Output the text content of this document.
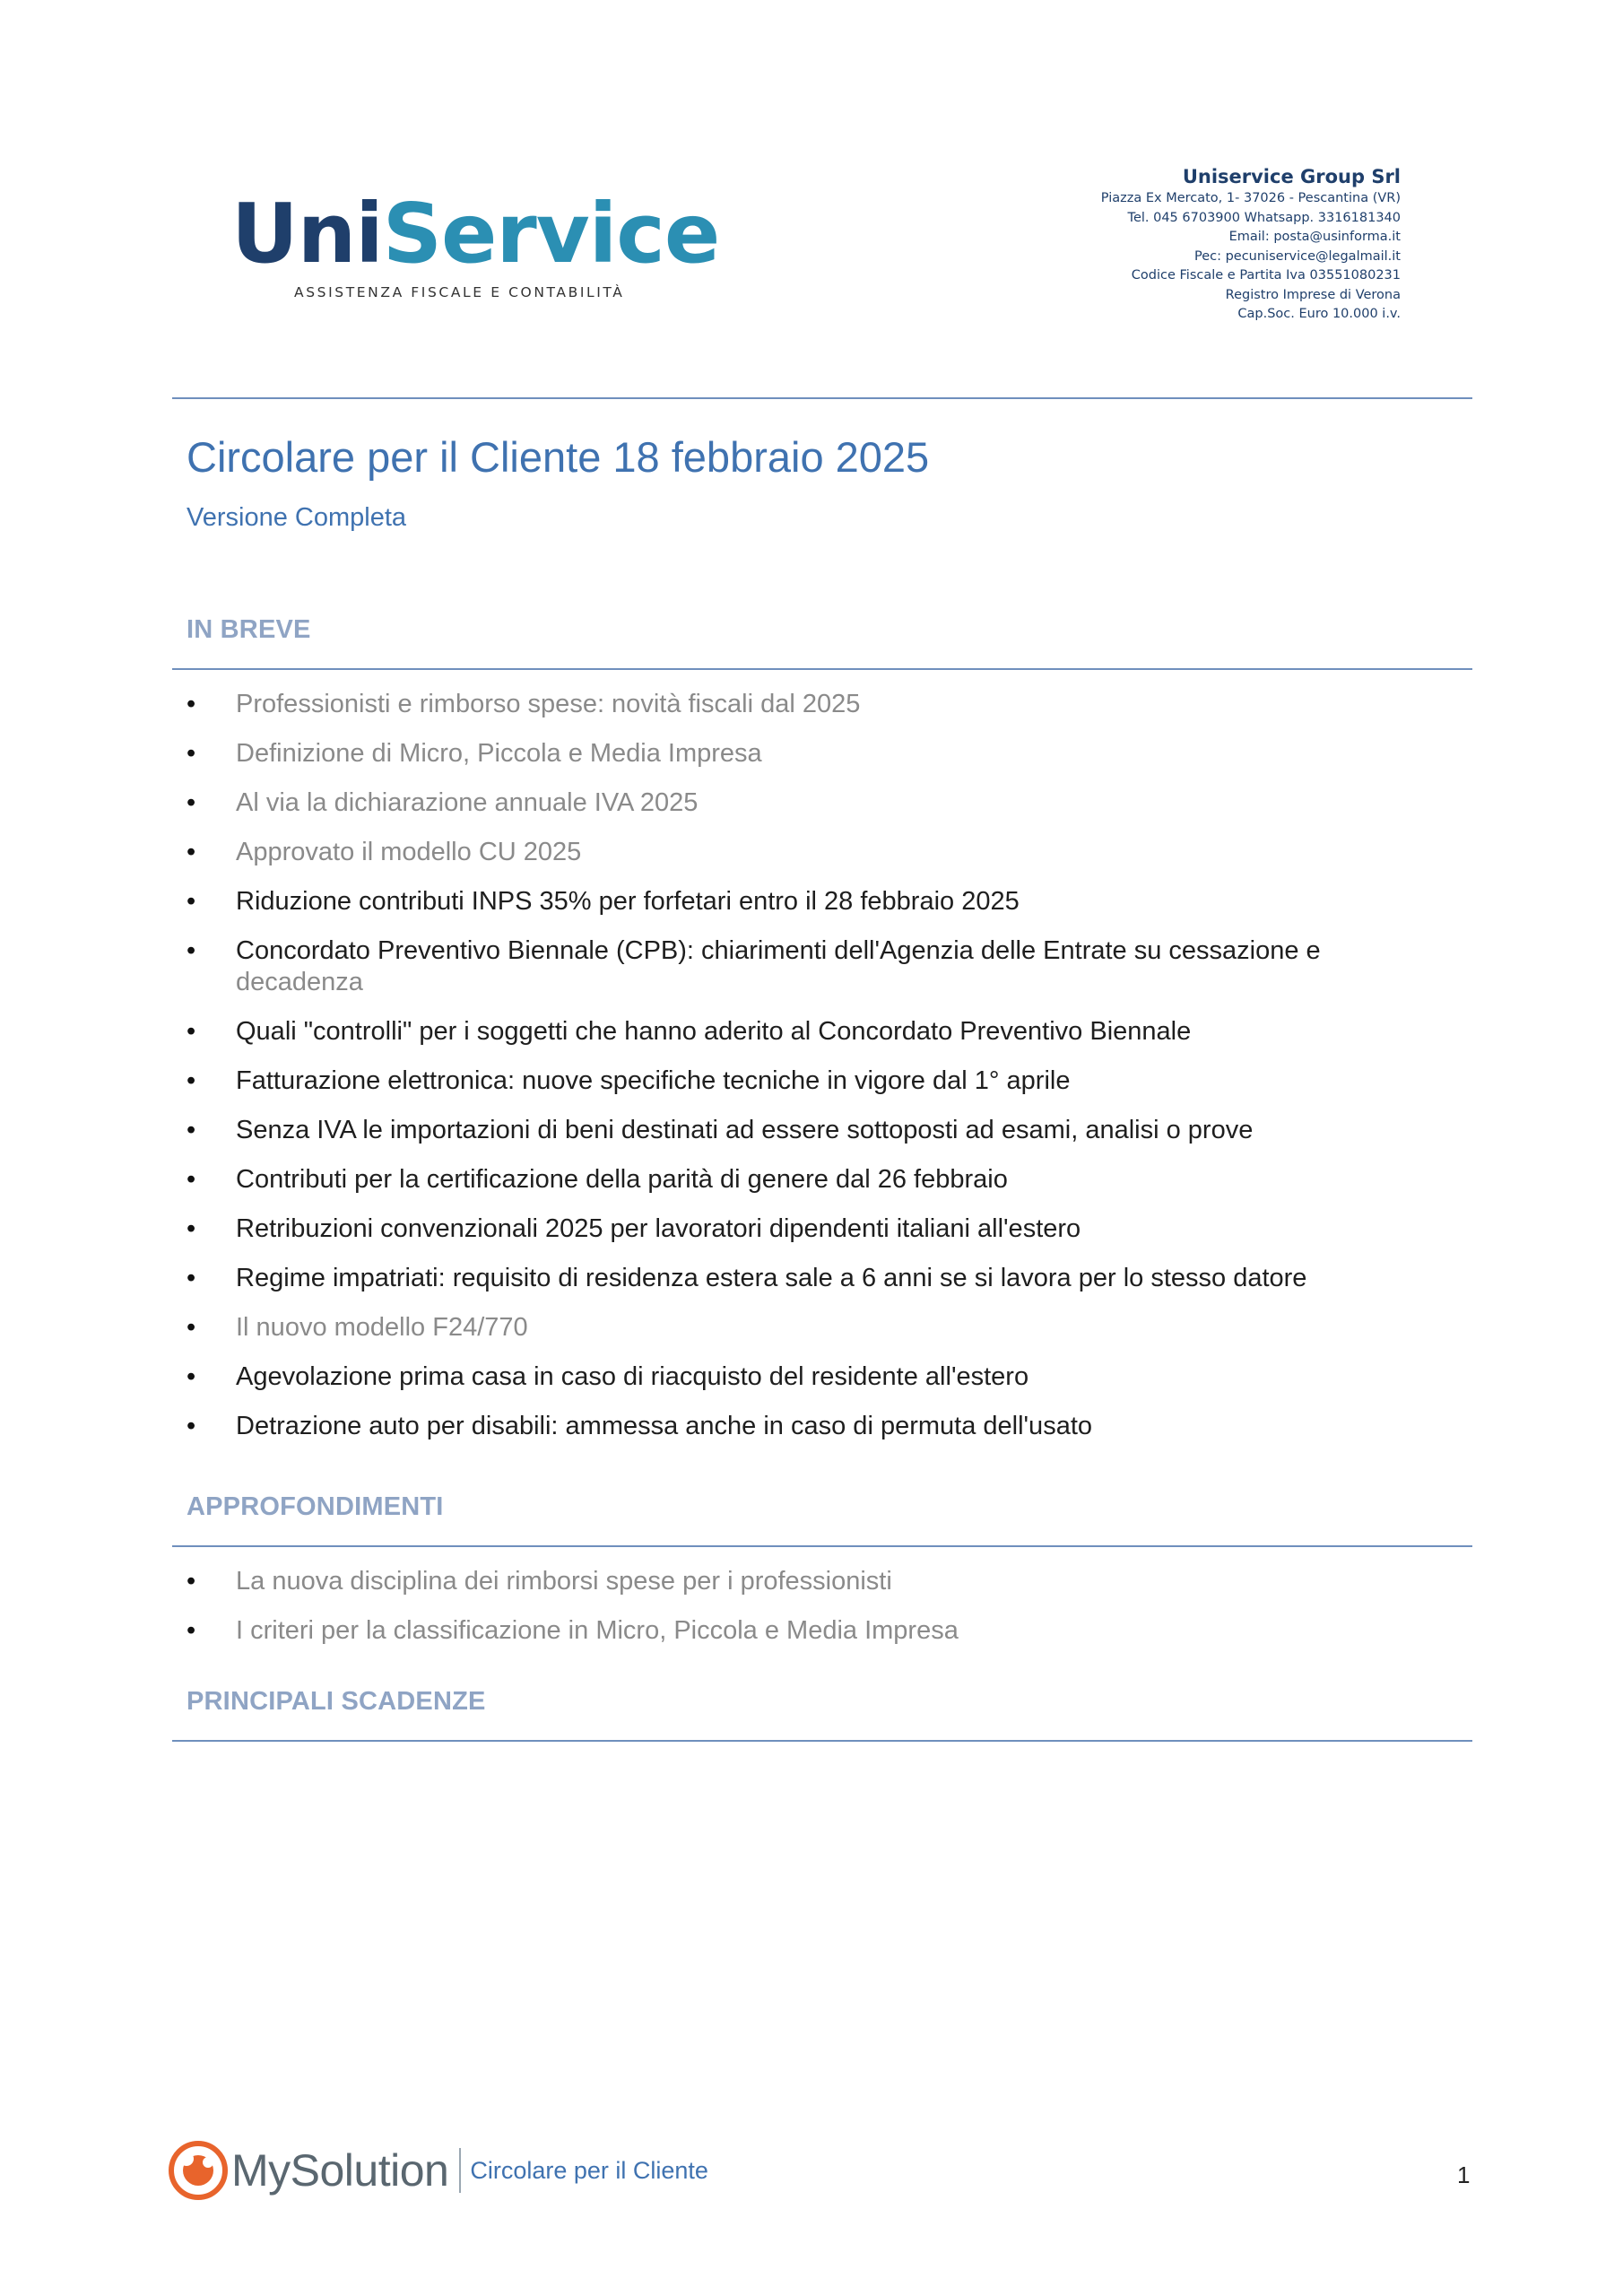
UniService
ASSISTENZA FISCALE E CONTABILITÀ
Uniservice Group Srl
Piazza Ex Mercato, 1- 37026 - Pescantina (VR)
Tel. 045 6703900 Whatsapp. 3316181340
Email: posta@usinforma.it
Pec: pecuniservice@legalmail.it
Codice Fiscale e Partita Iva 03551080231
Registro Imprese di Verona
Cap.Soc. Euro 10.000 i.v.
Circolare per il Cliente 18 febbraio 2025
Versione Completa
IN BREVE
• Professionisti e rimborso spese: novità fiscali dal 2025
• Definizione di Micro, Piccola e Media Impresa
• Al via la dichiarazione annuale IVA 2025
• Approvato il modello CU 2025
• Riduzione contributi INPS 35% per forfetari entro il 28 febbraio 2025
• Concordato Preventivo Biennale (CPB): chiarimenti dell'Agenzia delle Entrate su cessazione e
decadenza
• Quali "controlli" per i soggetti che hanno aderito al Concordato Preventivo Biennale
• Fatturazione elettronica: nuove specifiche tecniche in vigore dal 1° aprile
• Senza IVA le importazioni di beni destinati ad essere sottoposti ad esami, analisi o prove
• Contributi per la certificazione della parità di genere dal 26 febbraio
• Retribuzioni convenzionali 2025 per lavoratori dipendenti italiani all'estero
• Regime impatriati: requisito di residenza estera sale a 6 anni se si lavora per lo stesso datore
• Il nuovo modello F24/770
• Agevolazione prima casa in caso di riacquisto del residente all'estero
• Detrazione auto per disabili: ammessa anche in caso di permuta dell'usato
APPROFONDIMENTI
• La nuova disciplina dei rimborsi spese per i professionisti
• I criteri per la classificazione in Micro, Piccola e Media Impresa
PRINCIPALI SCADENZE
MySolution Circolare per il Cliente	1
